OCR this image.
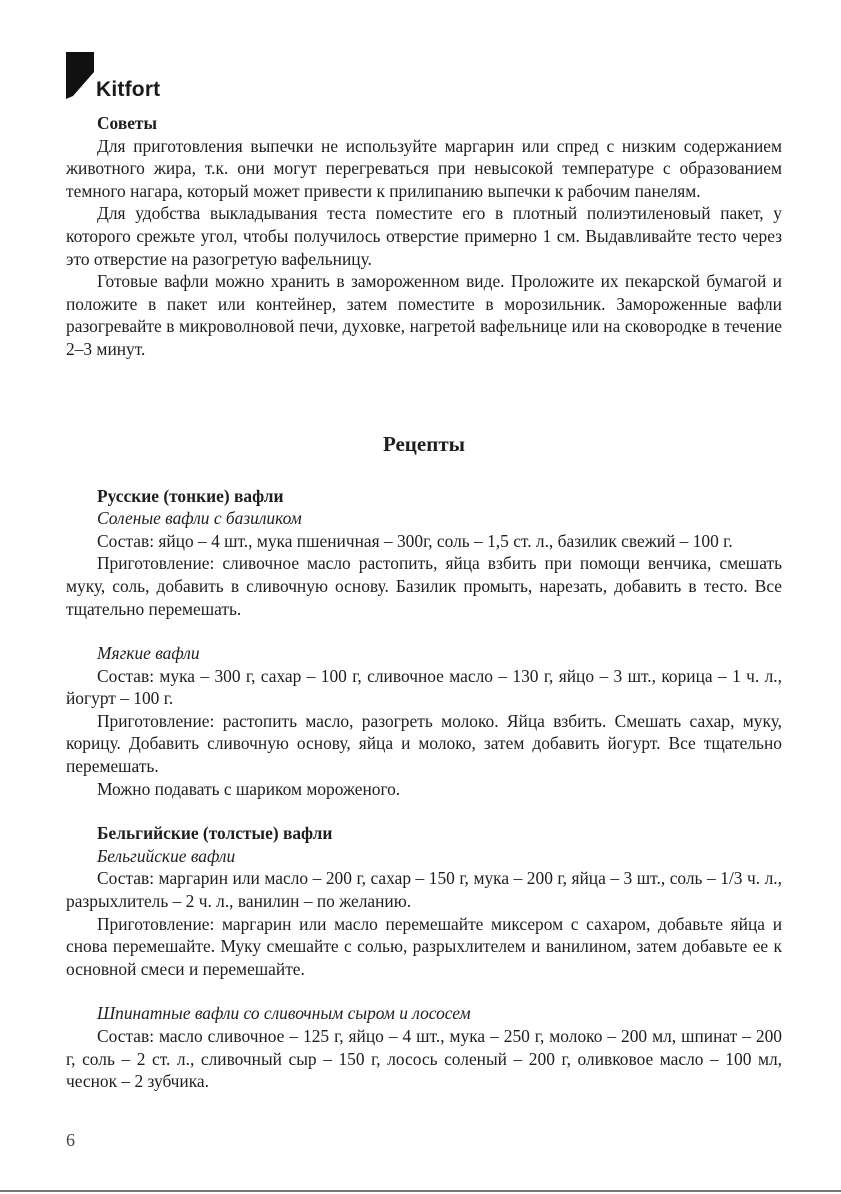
Kitfort

Советы

Для приготовления выпечки не используйте маргарин или спред с низким содержанием животного жира, т.к. они могут перегреваться при невысокой температуре с образованием темного нагара, который может привести к прилипанию выпечки к рабочим панелям.

Для удобства выкладывания теста поместите его в плотный полиэтиленовый пакет, у которого срежьте угол, чтобы получилось отверстие примерно 1 см. Выдавливайте тесто через это отверстие на разогретую вафельницу.

Готовые вафли можно хранить в замороженном виде. Проложите их пекарской бумагой и положите в пакет или контейнер, затем поместите в морозильник. Замороженные вафли разогревайте в микроволновой печи, духовке, нагретой вафельнице или на сковородке в течение 2–3 минут.

Рецепты

Русские (тонкие) вафли

Соленые вафли с базиликом

Состав: яйцо – 4 шт., мука пшеничная – 300г, соль – 1,5 ст. л., базилик свежий – 100 г.

Приготовление: сливочное масло растопить, яйца взбить при помощи венчика, смешать муку, соль, добавить в сливочную основу. Базилик промыть, нарезать, добавить в тесто. Все тщательно перемешать.

Мягкие вафли

Состав: мука – 300 г, сахар – 100 г, сливочное масло – 130 г, яйцо – 3 шт., корица – 1 ч. л., йогурт – 100 г.

Приготовление: растопить масло, разогреть молоко. Яйца взбить. Смешать сахар, муку, корицу. Добавить сливочную основу, яйца и молоко, затем добавить йогурт. Все тщательно перемешать.

Можно подавать с шариком мороженого.

Бельгийские (толстые) вафли

Бельгийские вафли

Состав: маргарин или масло – 200 г, сахар – 150 г, мука – 200 г, яйца – 3 шт., соль – 1/3 ч. л., разрыхлитель – 2 ч. л., ванилин – по желанию.

Приготовление: маргарин или масло перемешайте миксером с сахаром, добавьте яйца и снова перемешайте. Муку смешайте с солью, разрыхлителем и ванилином, затем добавьте ее к основной смеси и перемешайте.

Шпинатные вафли со сливочным сыром и лососем

Состав: масло сливочное – 125 г, яйцо – 4 шт., мука – 250 г, молоко – 200 мл, шпинат – 200 г, соль – 2 ст. л., сливочный сыр – 150 г, лосось соленый – 200 г, оливковое масло – 100 мл, чеснок – 2 зубчика.

6
